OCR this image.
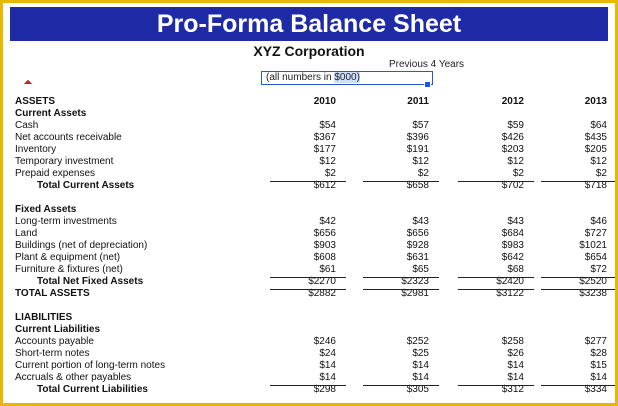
Pro-Forma Balance Sheet
XYZ Corporation
Previous 4 Years
(all numbers in $000)
ASSETS	2010	2011	2012	2013
Current Assets
Cash	$54	$57	$59	$64
Net accounts receivable	$367	$396	$426	$435
Inventory	$177	$191	$203	$205
Temporary investment	$12	$12	$12	$12
Prepaid expenses	$2	$2	$2	$2
Total Current Assets	$612	$658	$702	$718
Fixed Assets
Long-term investments	$42	$43	$43	$46
Land	$656	$656	$684	$727
Buildings (net of depreciation)	$903	$928	$983	$1021
Plant & equipment (net)	$608	$631	$642	$654
Furniture & fixtures (net)	$61	$65	$68	$72
Total Net Fixed Assets	$2270	$2323	$2420	$2520
TOTAL ASSETS	$2882	$2981	$3122	$3238
LIABILITIES
Current Liabilities
Accounts payable	$246	$252	$258	$277
Short-term notes	$24	$25	$26	$28
Current portion of long-term notes	$14	$14	$14	$15
Accruals & other payables	$14	$14	$14	$14
Total Current Liabilities	$298	$305	$312	$334
